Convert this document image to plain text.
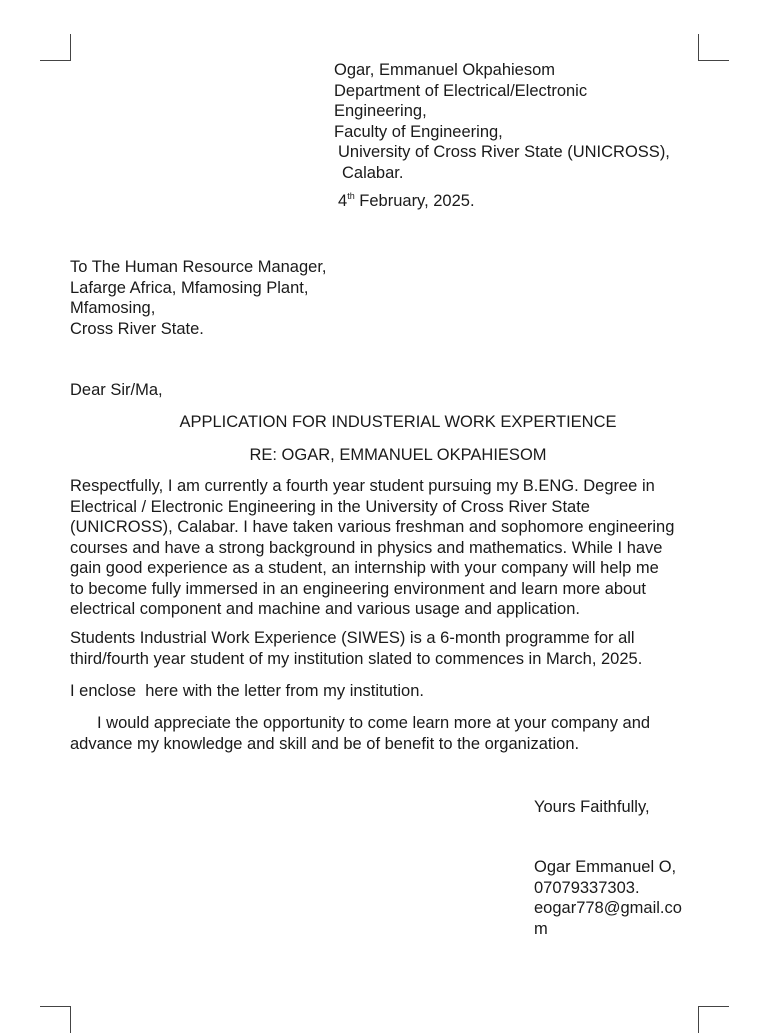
Ogar, Emmanuel Okpahiesom
Department of Electrical/Electronic
Engineering,
Faculty of Engineering,
University of Cross River State (UNICROSS),
Calabar.
4th February, 2025.
To The Human Resource Manager,
Lafarge Africa, Mfamosing Plant,
Mfamosing,
Cross River State.
Dear Sir/Ma,
APPLICATION FOR INDUSTERIAL WORK EXPERTIENCE
RE: OGAR, EMMANUEL OKPAHIESOM
Respectfully, I am currently a fourth year student pursuing my B.ENG. Degree in
Electrical / Electronic Engineering in the University of Cross River State
(UNICROSS), Calabar. I have taken various freshman and sophomore engineering
courses and have a strong background in physics and mathematics. While I have
gain good experience as a student, an internship with your company will help me
to become fully immersed in an engineering environment and learn more about
electrical component and machine and various usage and application.
Students Industrial Work Experience (SIWES) is a 6-month programme for all
third/fourth year student of my institution slated to commences in March, 2025.
I enclose  here with the letter from my institution.
I would appreciate the opportunity to come learn more at your company and
advance my knowledge and skill and be of benefit to the organization.
Yours Faithfully,
Ogar Emmanuel O,
07079337303.
eogar778@gmail.co
m
